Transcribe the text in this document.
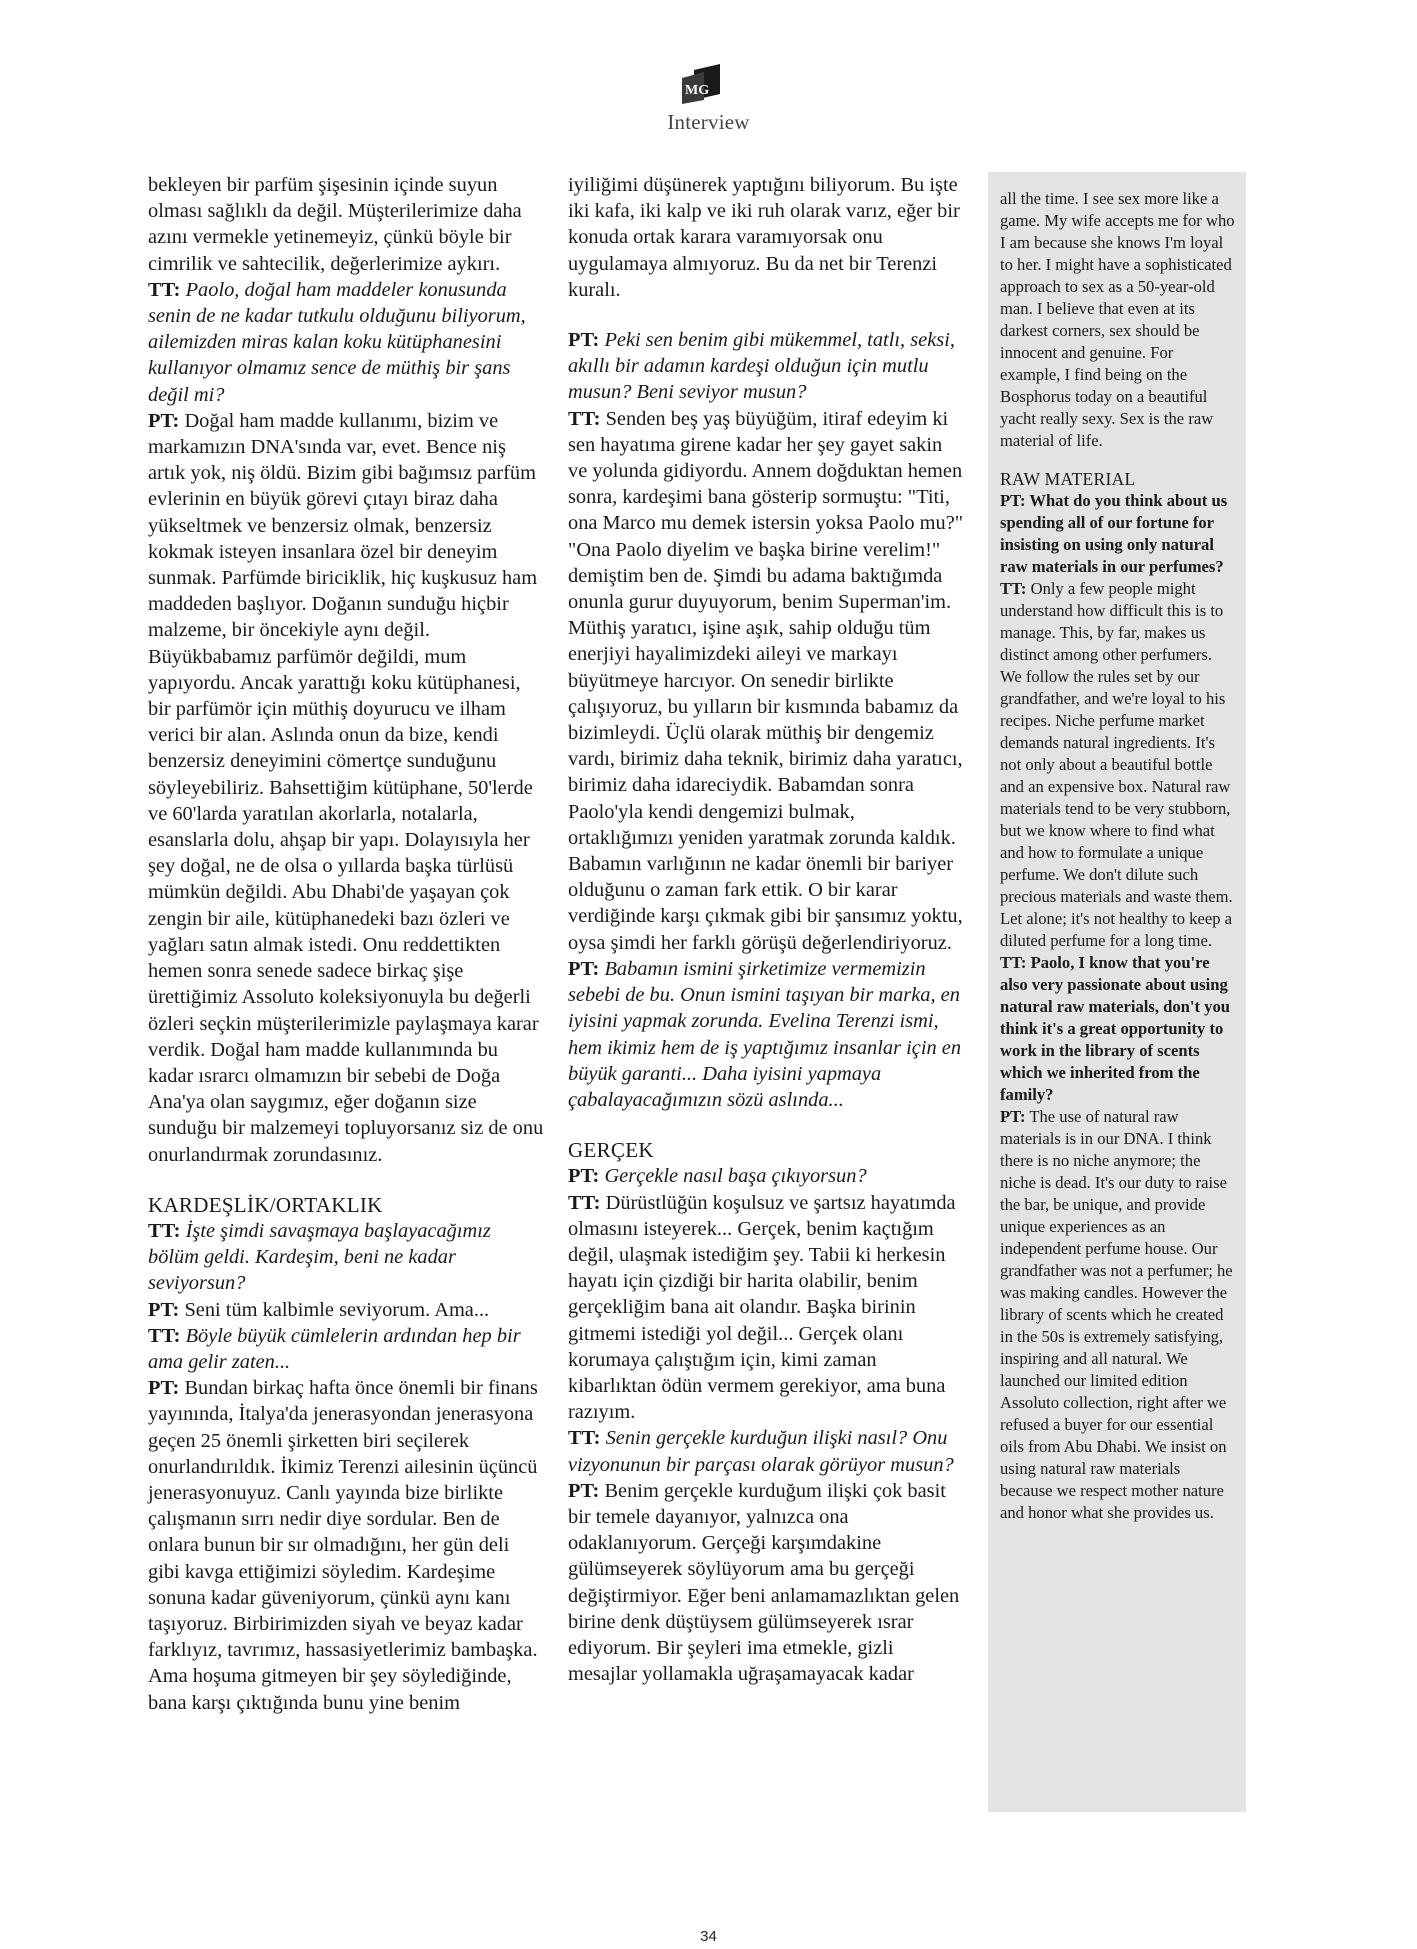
MG
Interview

bekleyen bir parfüm şişesinin içinde suyun olması sağlıklı da değil. Müşterilerimize daha azını vermekle yetinemeyiz, çünkü böyle bir cimrilik ve sahtecilik, değerlerimize aykırı.

TT: Paolo, doğal ham maddeler konusunda senin de ne kadar tutkulu olduğunu biliyorum, ailemizden miras kalan koku kütüphanesini kullanıyor olmamız sence de müthiş bir şans değil mi?

PT: Doğal ham madde kullanımı, bizim ve markamızın DNA'sında var, evet. Bence niş artık yok, niş öldü. Bizim gibi bağımsız parfüm evlerinin en büyük görevi çıtayı biraz daha yükseltmek ve benzersiz olmak, benzersiz kokmak isteyen insanlara özel bir deneyim sunmak. Parfümde biriciklik, hiç kuşkusuz ham maddeden başlıyor. Doğanın sunduğu hiçbir malzeme, bir öncekiyle aynı değil. Büyükbabamız parfümör değildi, mum yapıyordu. Ancak yarattığı koku kütüphanesi, bir parfümör için müthiş doyurucu ve ilham verici bir alan. Aslında onun da bize, kendi benzersiz deneyimini cömertçe sunduğunu söyleyebiliriz. Bahsettiğim kütüphane, 50'lerde ve 60'larda yaratılan akorlarla, notalarla, esanslarla dolu, ahşap bir yapı. Dolayısıyla her şey doğal, ne de olsa o yıllarda başka türlüsü mümkün değildi. Abu Dhabi'de yaşayan çok zengin bir aile, kütüphanedeki bazı özleri ve yağları satın almak istedi. Onu reddettikten hemen sonra senede sadece birkaç şişe ürettiğimiz Assoluto koleksiyonuyla bu değerli özleri seçkin müşterilerimizle paylaşmaya karar verdik. Doğal ham madde kullanımında bu kadar ısrarcı olmamızın bir sebebi de Doğa Ana'ya olan saygımız, eğer doğanın size sunduğu bir malzemeyi topluyorsanız siz de onu onurlandırmak zorundasınız.

KARDEŞLİK/ORTAKLIK

TT: İşte şimdi savaşmaya başlayacağımız bölüm geldi. Kardeşim, beni ne kadar seviyorsun?

PT: Seni tüm kalbimle seviyorum. Ama...

TT: Böyle büyük cümlelerin ardından hep bir ama gelir zaten...

PT: Bundan birkaç hafta önce önemli bir finans yayınında, İtalya'da jenerasyondan jenerasyona geçen 25 önemli şirketten biri seçilerek onurlandırıldık. İkimiz Terenzi ailesinin üçüncü jenerasyonuyuz. Canlı yayında bize birlikte çalışmanın sırrı nedir diye sordular. Ben de onlara bunun bir sır olmadığını, her gün deli gibi kavga ettiğimizi söyledim. Kardeşime sonuna kadar güveniyorum, çünkü aynı kanı taşıyoruz. Birbirimizden siyah ve beyaz kadar farklıyız, tavrımız, hassasiyetlerimiz bambaşka. Ama hoşuma gitmeyen bir şey söylediğinde, bana karşı çıktığında bunu yine benim

iyiliğimi düşünerek yaptığını biliyorum. Bu işte iki kafa, iki kalp ve iki ruh olarak varız, eğer bir konuda ortak karara varamıyorsak onu uygulamaya almıyoruz. Bu da net bir Terenzi kuralı.

PT: Peki sen benim gibi mükemmel, tatlı, seksi, akıllı bir adamın kardeşi olduğun için mutlu musun? Beni seviyor musun?

TT: Senden beş yaş büyüğüm, itiraf edeyim ki sen hayatıma girene kadar her şey gayet sakin ve yolunda gidiyordu. Annem doğduktan hemen sonra, kardeşimi bana gösterip sormuştu: "Titi, ona Marco mu demek istersin yoksa Paolo mu?" "Ona Paolo diyelim ve başka birine verelim!" demiştim ben de. Şimdi bu adama baktığımda onunla gurur duyuyorum, benim Superman'im. Müthiş yaratıcı, işine aşık, sahip olduğu tüm enerjiyi hayalimizdeki aileyi ve markayı büyütmeye harcıyor. On senedir birlikte çalışıyoruz, bu yılların bir kısmında babamız da bizimleydi. Üçlü olarak müthiş bir dengemiz vardı, birimiz daha teknik, birimiz daha yaratıcı, birimiz daha idareciydik. Babamdan sonra Paolo'yla kendi dengemizi bulmak, ortaklığımızı yeniden yaratmak zorunda kaldık. Babamın varlığının ne kadar önemli bir bariyer olduğunu o zaman fark ettik. O bir karar verdiğinde karşı çıkmak gibi bir şansımız yoktu, oysa şimdi her farklı görüşü değerlendiriyoruz.

PT: Babamın ismini şirketimize vermemizin sebebi de bu. Onun ismini taşıyan bir marka, en iyisini yapmak zorunda. Evelina Terenzi ismi, hem ikimiz hem de iş yaptığımız insanlar için en büyük garanti... Daha iyisini yapmaya çabalayacağımızın sözü aslında...

GERÇEK

PT: Gerçekle nasıl başa çıkıyorsun?

TT: Dürüstlüğün koşulsuz ve şartsız hayatımda olmasını isteyerek... Gerçek, benim kaçtığım değil, ulaşmak istediğim şey. Tabii ki herkesin hayatı için çizdiği bir harita olabilir, benim gerçekliğim bana ait olandır. Başka birinin gitmemi istediği yol değil... Gerçek olanı korumaya çalıştığım için, kimi zaman kibarlıktan ödün vermem gerekiyor, ama buna razıyım.

TT: Senin gerçekle kurduğun ilişki nasıl? Onu vizyonunun bir parçası olarak görüyor musun?

PT: Benim gerçekle kurduğum ilişki çok basit bir temele dayanıyor, yalnızca ona odaklanıyorum. Gerçeği karşımdakine gülümseyerek söylüyorum ama bu gerçeği değiştirmiyor. Eğer beni anlamamazlıktan gelen birine denk düştüysem gülümseyerek ısrar ediyorum. Bir şeyleri ima etmekle, gizli mesajlar yollamakla uğraşamayacak kadar

all the time. I see sex more like a game. My wife accepts me for who I am because she knows I'm loyal to her. I might have a sophisticated approach to sex as a 50-year-old man. I believe that even at its darkest corners, sex should be innocent and genuine. For example, I find being on the Bosphorus today on a beautiful yacht really sexy. Sex is the raw material of life.

RAW MATERIAL

PT: What do you think about us spending all of our fortune for insisting on using only natural raw materials in our perfumes?

TT: Only a few people might understand how difficult this is to manage. This, by far, makes us distinct among other perfumers. We follow the rules set by our grandfather, and we're loyal to his recipes. Niche perfume market demands natural ingredients. It's not only about a beautiful bottle and an expensive box. Natural raw materials tend to be very stubborn, but we know where to find what and how to formulate a unique perfume. We don't dilute such precious materials and waste them. Let alone; it's not healthy to keep a diluted perfume for a long time.

TT: Paolo, I know that you're also very passionate about using natural raw materials, don't you think it's a great opportunity to work in the library of scents which we inherited from the family?

PT: The use of natural raw materials is in our DNA. I think there is no niche anymore; the niche is dead. It's our duty to raise the bar, be unique, and provide unique experiences as an independent perfume house. Our grandfather was not a perfumer; he was making candles. However the library of scents which he created in the 50s is extremely satisfying, inspiring and all natural. We launched our limited edition Assoluto collection, right after we refused a buyer for our essential oils from Abu Dhabi. We insist on using natural raw materials because we respect mother nature and honor what she provides us.

34
